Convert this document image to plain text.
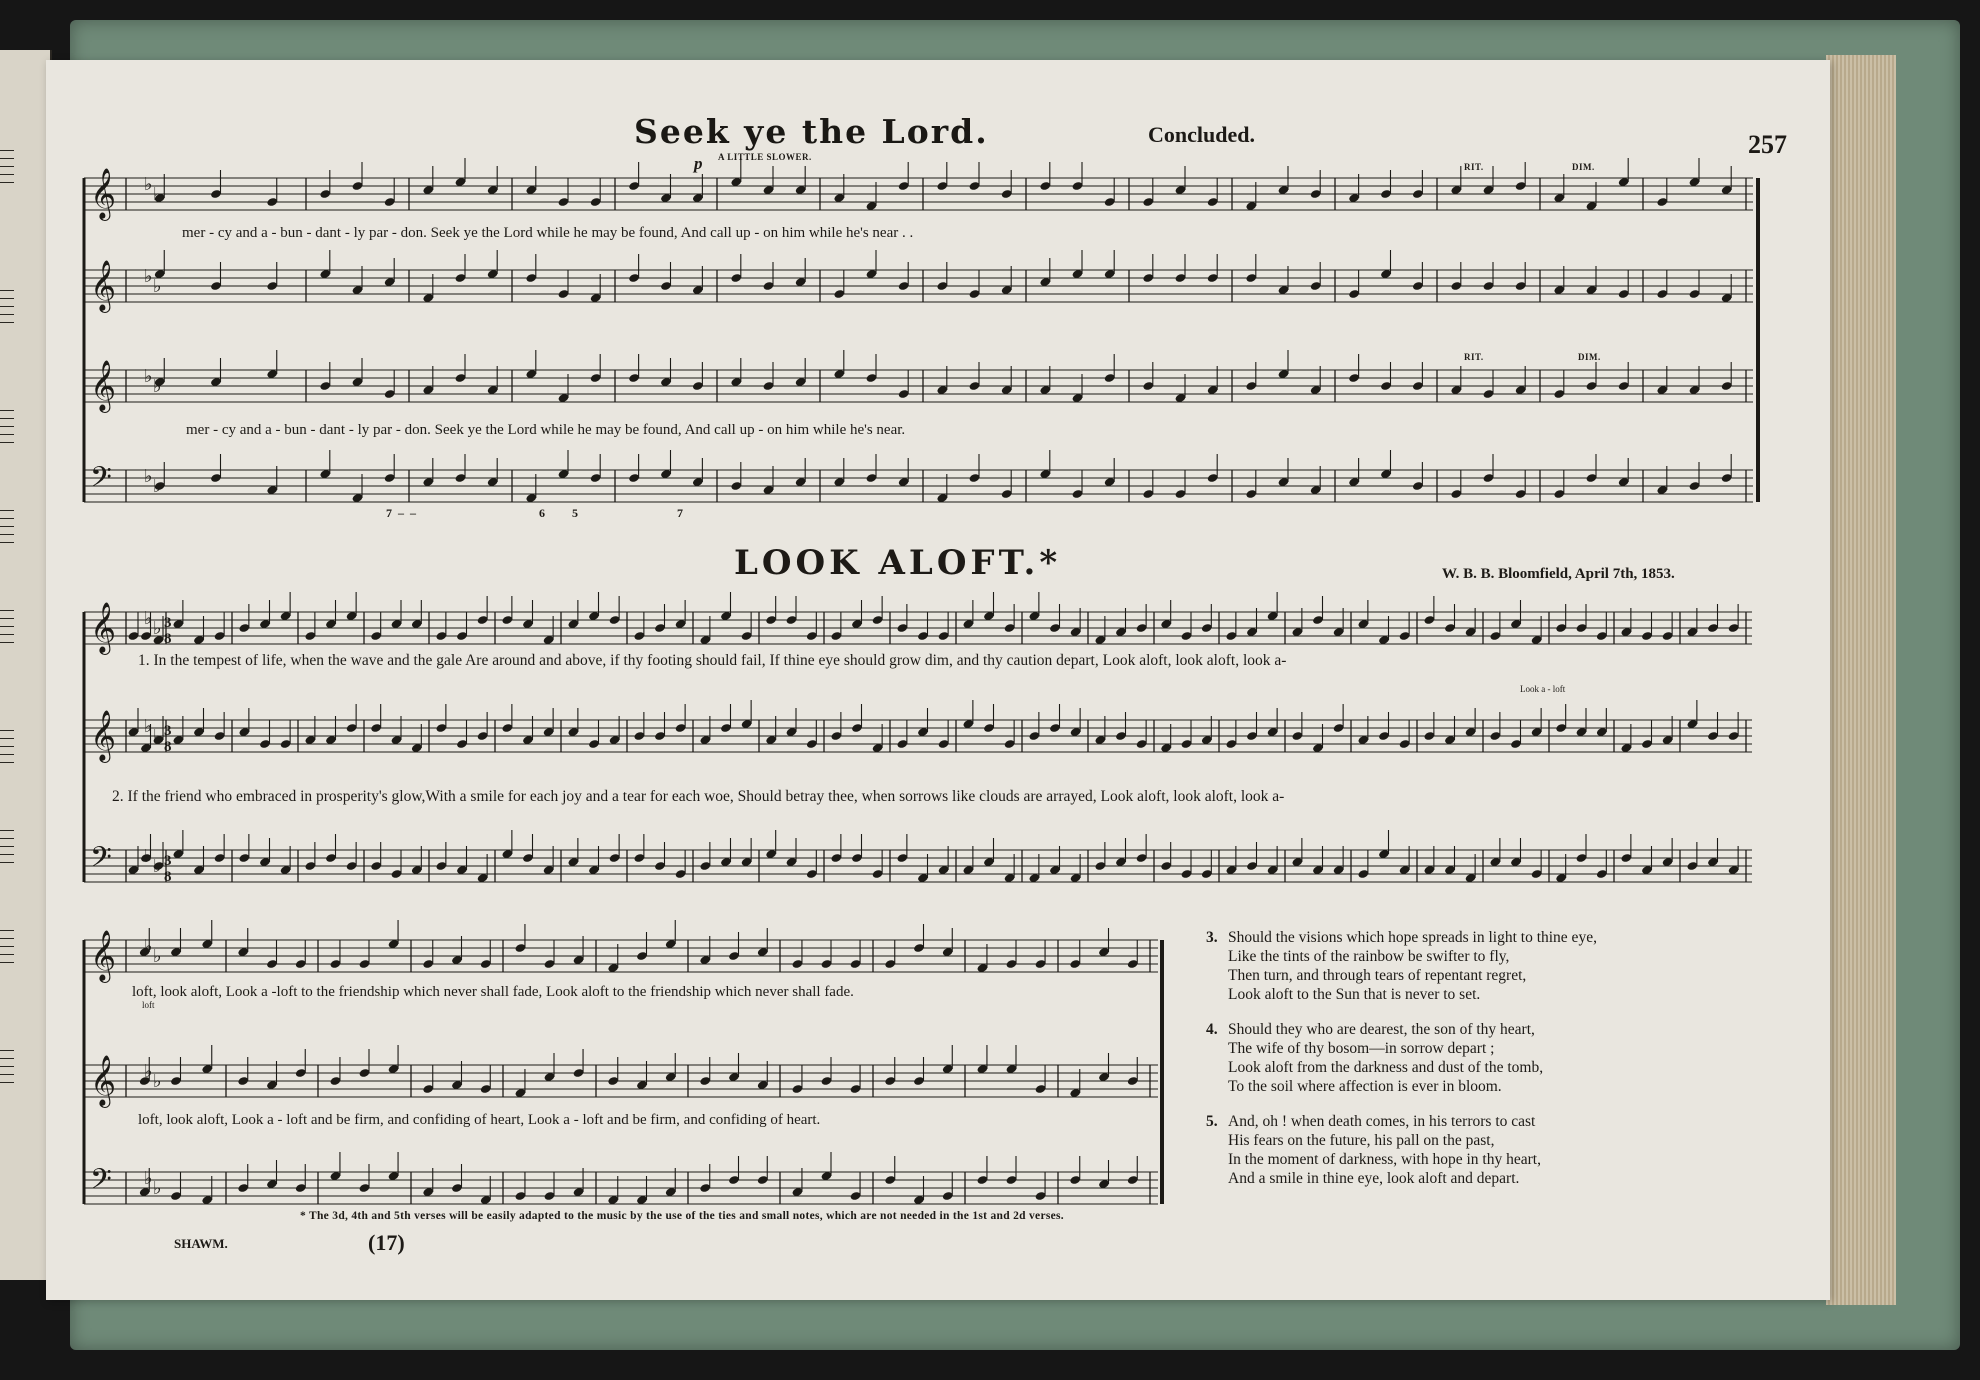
𝄞
𝄞
𝄞
𝄢
𝄞
𝄞
𝄢
𝄞
𝄞
𝄢
♭ ♭
♭ ♭
♭ ♭
♭ ♭
♭ ♭
♭ ♭
♭ ♭
♭ ♭
♭ ♭
♭ ♭
3
8
3
8
3
8
Seek ye the Lord.	Concluded.	257
A LITTLE SLOWER.
RIT.	DIM.
RIT.	DIM.
p
mer - cy and a - bun - dant - ly par - don. Seek ye the Lord while he may be found, And call up - on him while he's near . .
mer - cy and a - bun - dant - ly par - don. Seek ye the Lord while he may be found, And call up - on him while he's near.
7  –  –                                         6         5                                 7
LOOK ALOFT.*	W. B. B. Bloomfield, April 7th, 1853.
1. In the tempest of life, when the wave and the gale Are around and above, if thy footing should fail, If thine eye should grow dim, and thy caution depart, Look aloft, look aloft, look a-
Look a - loft
2. If the friend who embraced in prosperity's glow,With a smile for each joy and a tear for each woe, Should betray thee, when sorrows like clouds are arrayed, Look aloft, look aloft, look a-
loft, look aloft, Look a -loft to the friendship which never shall fade, Look aloft to the friendship which never shall fade.
loft
loft, look aloft, Look a - loft and be firm, and confiding of heart, Look a - loft and be firm, and confiding of heart.
3. Should the visions which hope spreads in light to thine eye,
Like the tints of the rainbow be swifter to fly,
Then turn, and through tears of repentant regret,
Look aloft to the Sun that is never to set.
4. Should they who are dearest, the son of thy heart,
The wife of thy bosom—in sorrow depart ;
Look aloft from the darkness and dust of the tomb,
To the soil where affection is ever in bloom.
5. And, oh ! when death comes, in his terrors to cast
His fears on the future, his pall on the past,
In the moment of darkness, with hope in thy heart,
And a smile in thine eye, look aloft and depart.
* The 3d, 4th and 5th verses will be easily adapted to the music by the use of the ties and small notes, which are not needed in the 1st and 2d verses.
SHAWM.	(17)
